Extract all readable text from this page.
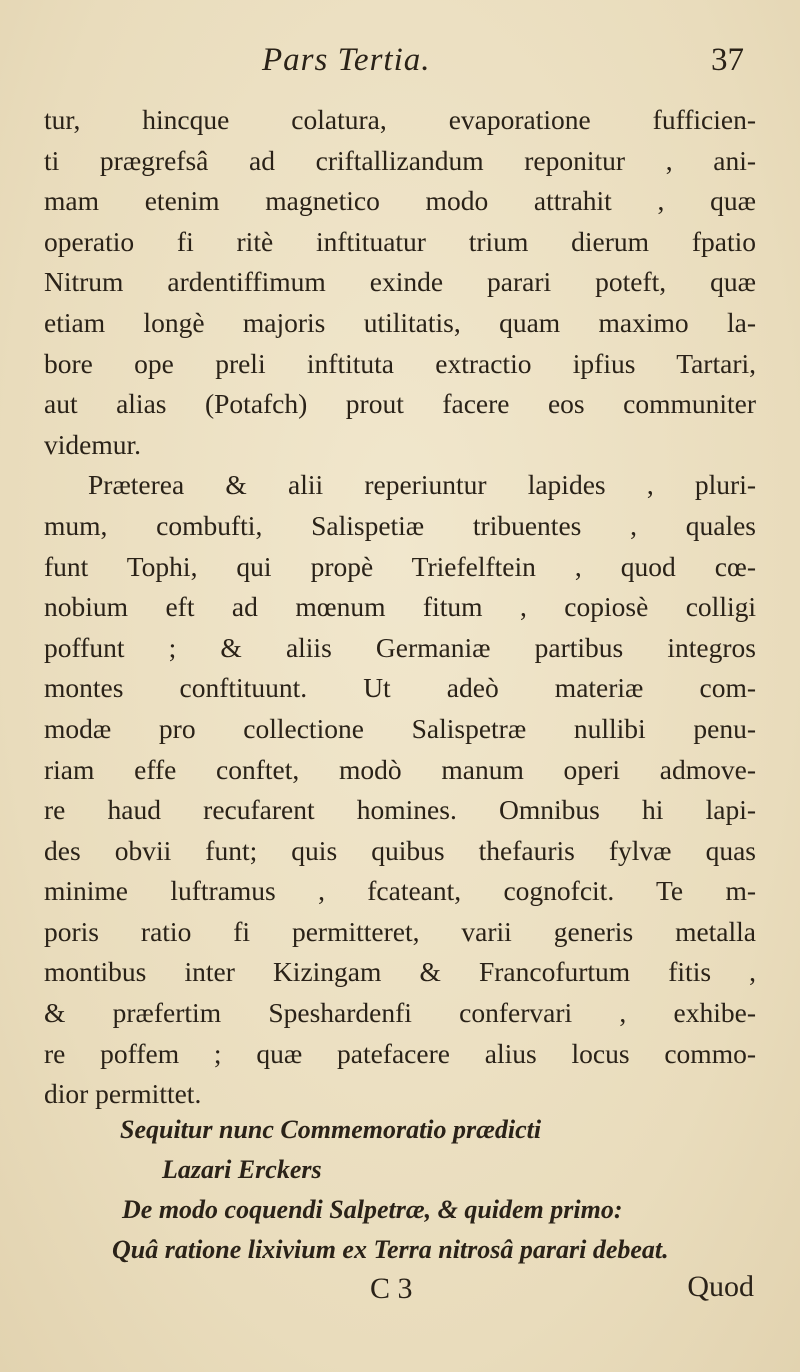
Pars Tertia.	37
tur, hincque colatura, evaporatione fufficien-
ti prægrefsâ ad criftallizandum reponitur , ani-
mam etenim magnetico modo attrahit , quæ
operatio fi ritè inftituatur trium dierum fpatio
Nitrum ardentiffimum exinde parari poteft, quæ
etiam longè majoris utilitatis, quam maximo la-
bore ope preli inftituta extractio ipfius Tartari,
aut alias (Potafch) prout facere eos communiter
videmur.
Præterea & alii reperiuntur lapides , pluri-
mum, combufti, Salispetiæ tribuentes , quales
funt Tophi, qui propè Triefelftein , quod cœ-
nobium eft ad mœnum fitum , copiosè colligi
poffunt ; & aliis Germaniæ partibus integros
montes conftituunt. Ut adeò materiæ com-
modæ pro collectione Salispetræ nullibi penu-
riam effe conftet, modò manum operi admove-
re haud recufarent homines. Omnibus hi lapi-
des obvii funt; quis quibus thefauris fylvæ quas
minime luftramus , fcateant, cognofcit. Te m-
poris ratio fi permitteret, varii generis metalla
montibus inter Kizingam & Francofurtum fitis ,
& præfertim Speshardenfi confervari , exhibe-
re poffem ; quæ patefacere alius locus commo-
dior permittet.
Sequitur nunc Commemoratio prædicti
Lazari Erckers
De modo coquendi Salpetræ, & quidem primo:
Quâ ratione lixivium ex Terra nitrosâ parari debeat.
C 3	Quod
